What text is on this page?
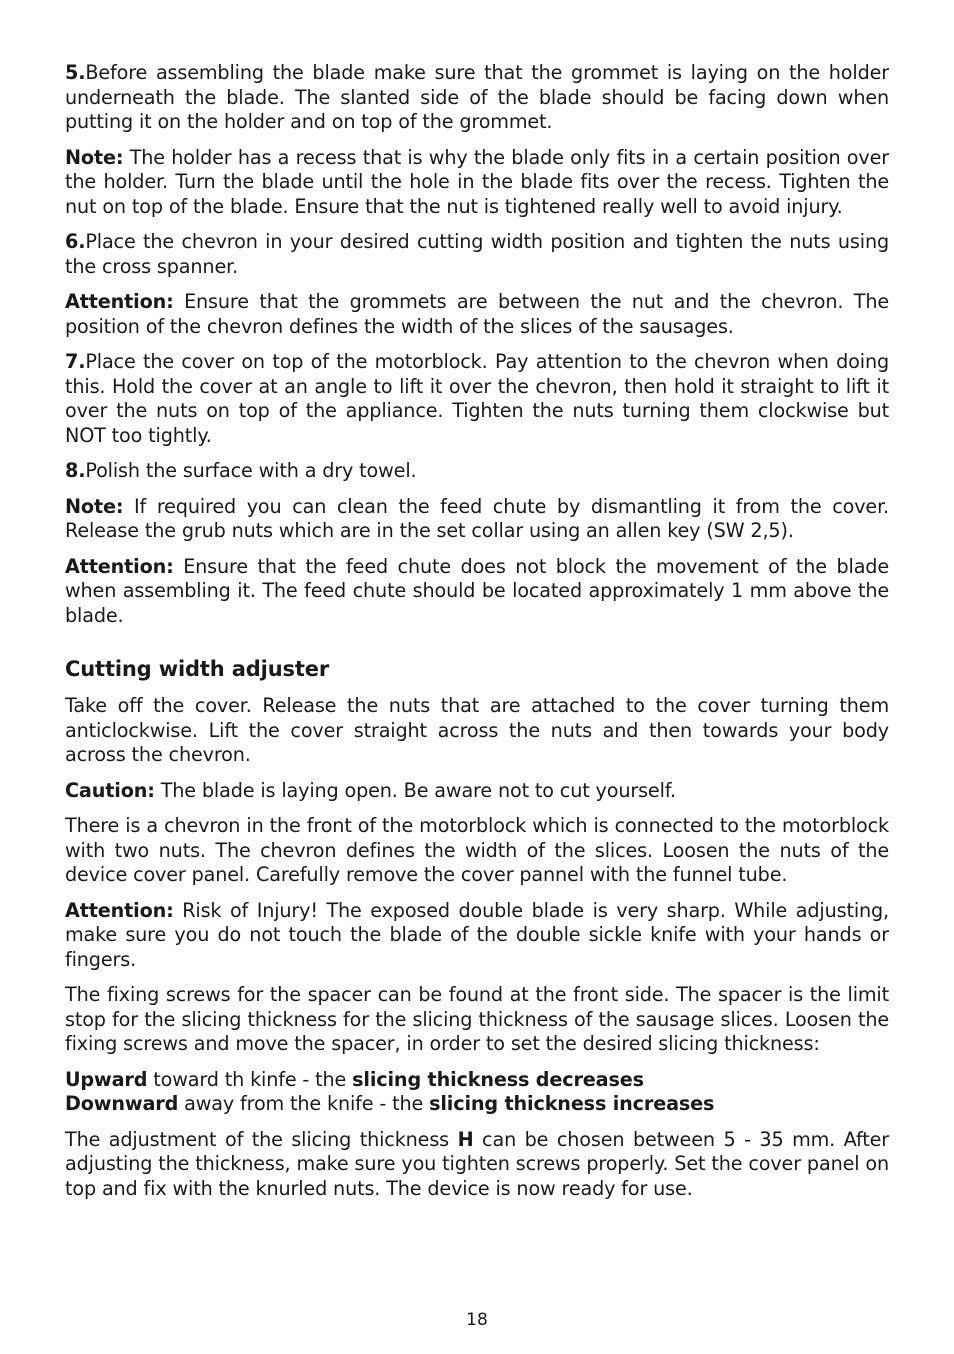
5.Before assembling the blade make sure that the grommet is laying on the holder underneath the blade. The slanted side of the blade should be facing down when putting it on the holder and on top of the grommet.

Note: The holder has a recess that is why the blade only fits in a certain position over the holder. Turn the blade until the hole in the blade fits over the recess. Tighten the nut on top of the blade. Ensure that the nut is tightened really well to avoid injury.

6.Place the chevron in your desired cutting width position and tighten the nuts using the cross spanner.

Attention: Ensure that the grommets are between the nut and the chevron. The position of the chevron defines the width of the slices of the sausages.

7.Place the cover on top of the motorblock. Pay attention to the chevron when doing this. Hold the cover at an angle to lift it over the chevron, then hold it straight to lift it over the nuts on top of the appliance. Tighten the nuts turning them clockwise but NOT too tightly.

8.Polish the surface with a dry towel.

Note: If required you can clean the feed chute by dismantling it from the cover. Release the grub nuts which are in the set collar using an allen key (SW 2,5).

Attention: Ensure that the feed chute does not block the movement of the blade when assembling it. The feed chute should be located approximately 1 mm above the blade.

Cutting width adjuster

Take off the cover. Release the nuts that are attached to the cover turning them anticlockwise. Lift the cover straight across the nuts and then towards your body across the chevron.

Caution: The blade is laying open. Be aware not to cut yourself.

There is a chevron in the front of the motorblock which is connected to the motorblock with two nuts. The chevron defines the width of the slices. Loosen the nuts of the device cover panel. Carefully remove the cover pannel with the funnel tube.

Attention: Risk of Injury! The exposed double blade is very sharp. While adjusting, make sure you do not touch the blade of the double sickle knife with your hands or fingers.

The fixing screws for the spacer can be found at the front side. The spacer is the limit stop for the slicing thickness for the slicing thickness of the sausage slices. Loosen the fixing screws and move the spacer, in order to set the desired slicing thickness:

Upward toward th kinfe - the slicing thickness decreases

Downward away from the knife - the slicing thickness increases

The adjustment of the slicing thickness H can be chosen between 5 - 35 mm. After adjusting the thickness, make sure you tighten screws properly. Set the cover panel on top and fix with the knurled nuts. The device is now ready for use.

18
